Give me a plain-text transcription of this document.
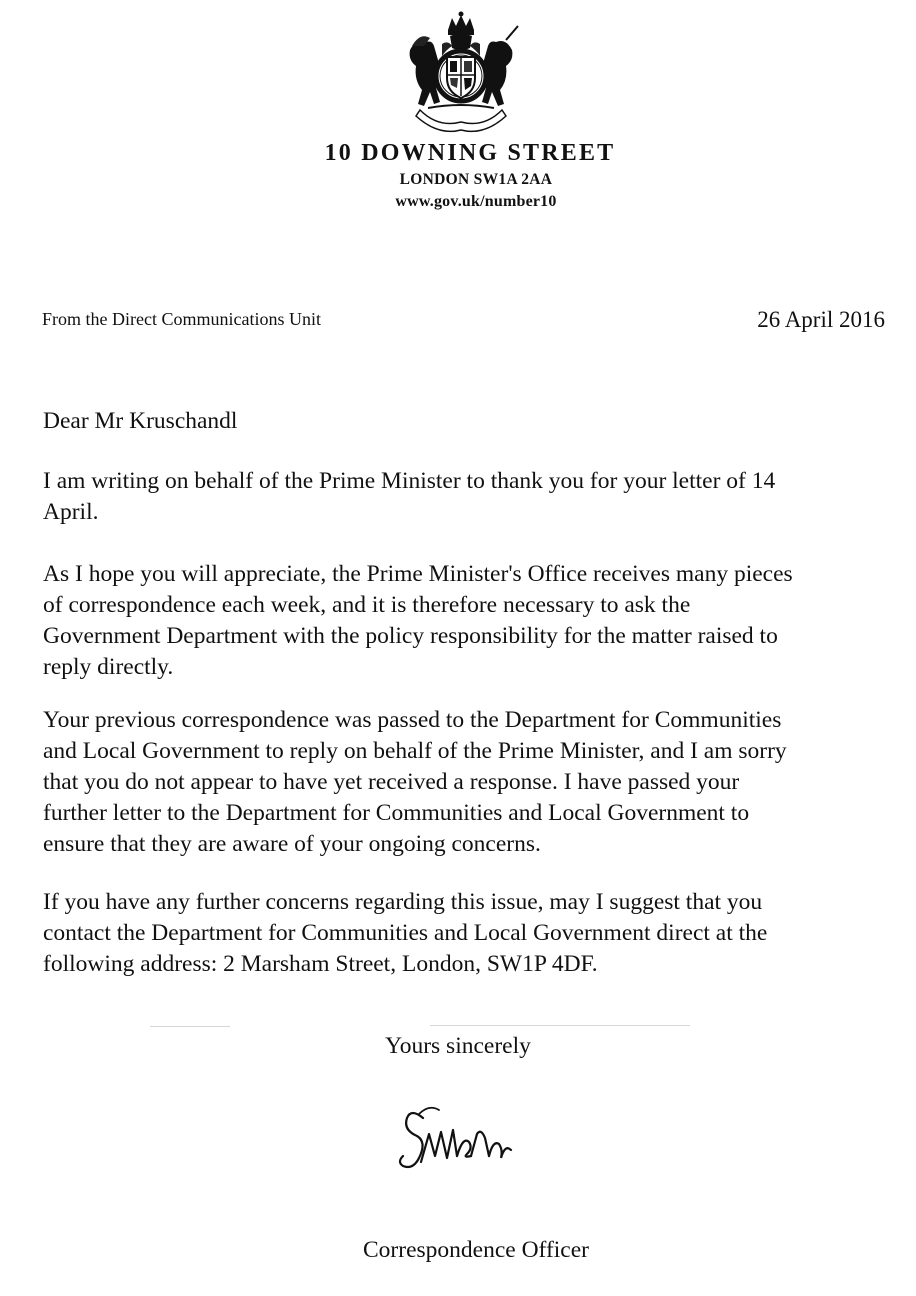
10 DOWNING STREET

LONDON SW1A 2AA

www.gov.uk/number10

From the Direct Communications Unit	26 April 2016

Dear Mr Kruschandl

I am writing on behalf of the Prime Minister to thank you for your letter of 14
April.
As I hope you will appreciate, the Prime Minister's Office receives many pieces
of correspondence each week, and it is therefore necessary to ask the
Government Department with the policy responsibility for the matter raised to
reply directly.
Your previous correspondence was passed to the Department for Communities
and Local Government to reply on behalf of the Prime Minister, and I am sorry
that you do not appear to have yet received a response. I have passed your
further letter to the Department for Communities and Local Government to
ensure that they are aware of your ongoing concerns.
If you have any further concerns regarding this issue, may I suggest that you
contact the Department for Communities and Local Government direct at the
following address: 2 Marsham Street, London, SW1P 4DF.

Yours sincerely

Correspondence Officer
